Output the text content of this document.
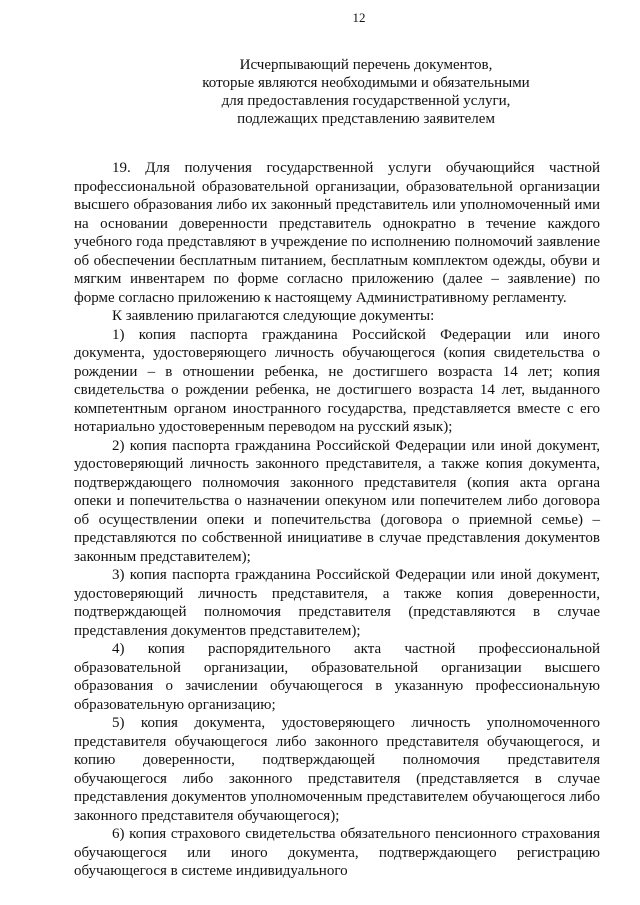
12
Исчерпывающий перечень документов,
которые являются необходимыми и обязательными
для предоставления государственной услуги,
подлежащих представлению заявителем

19. Для получения государственной услуги обучающийся частной профессиональной образовательной организации, образовательной организации высшего образования либо их законный представитель или уполномоченный ими на основании доверенности представитель однократно в течение каждого учебного года представляют в учреждение по исполнению полномочий заявление об обеспечении бесплатным питанием, бесплатным комплектом одежды, обуви и мягким инвентарем по форме согласно приложению (далее – заявление) по форме согласно приложению к настоящему Административному регламенту.

К заявлению прилагаются следующие документы:

1) копия паспорта гражданина Российской Федерации или иного документа, удостоверяющего личность обучающегося (копия свидетельства о рождении – в отношении ребенка, не достигшего возраста 14 лет; копия свидетельства о рождении ребенка, не достигшего возраста 14 лет, выданного компетентным органом иностранного государства, представляется вместе с его нотариально удостоверенным переводом на русский язык);

2) копия паспорта гражданина Российской Федерации или иной документ, удостоверяющий личность законного представителя, а также копия документа, подтверждающего полномочия законного представителя (копия акта органа опеки и попечительства о назначении опекуном или попечителем либо договора об осуществлении опеки и попечительства (договора о приемной семье) – представляются по собственной инициативе в случае представления документов законным представителем);

3) копия паспорта гражданина Российской Федерации или иной документ, удостоверяющий личность представителя, а также копия доверенности, подтверждающей полномочия представителя (представляются в случае представления документов представителем);

4) копия распорядительного акта частной профессиональной образовательной организации, образовательной организации высшего образования о зачислении обучающегося в указанную профессиональную образовательную организацию;

5) копия документа, удостоверяющего личность уполномоченного представителя обучающегося либо законного представителя обучающегося, и копию доверенности, подтверждающей полномочия представителя обучающегося либо законного представителя (представляется в случае представления документов уполномоченным представителем обучающегося либо законного представителя обучающегося);

6) копия страхового свидетельства обязательного пенсионного страхования обучающегося или иного документа, подтверждающего регистрацию обучающегося в системе индивидуального
